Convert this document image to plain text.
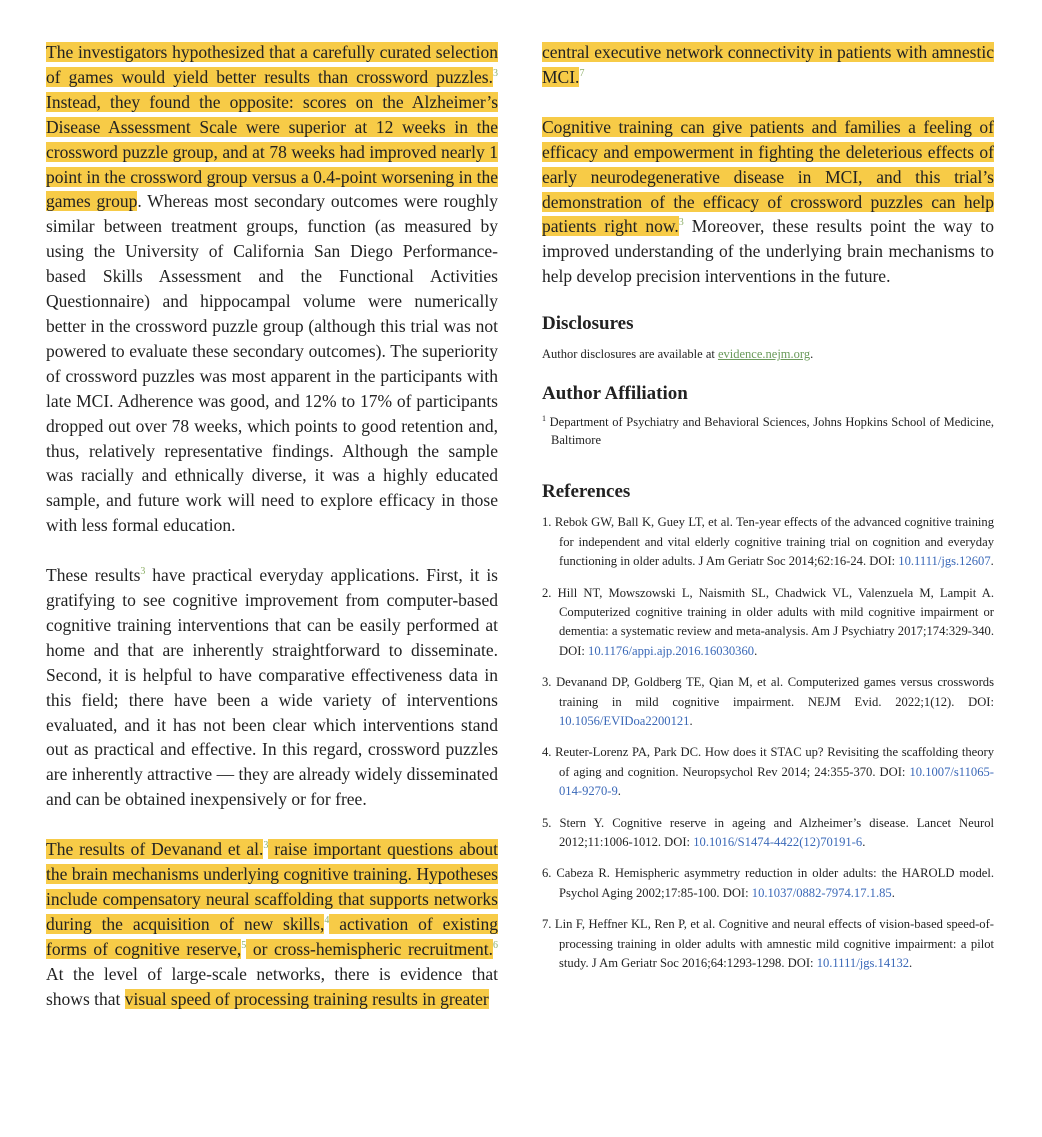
The investigators hypothesized that a carefully curated selection of games would yield better results than crossword puzzles.$^3$ Instead, they found the opposite: scores on the Alzheimer’s Disease Assessment Scale were superior at 12 weeks in the crossword puzzle group, and at 78 weeks had improved nearly 1 point in the crossword group versus a 0.4-point worsening in the games group. Whereas most secondary outcomes were roughly similar between treatment groups, function (as measured by using the University of California San Diego Performance-based Skills Assessment and the Functional Activities Questionnaire) and hippocampal volume were numerically better in the crossword puzzle group (although this trial was not powered to evaluate these secondary outcomes). The superiority of crossword puzzles was most apparent in the participants with late MCI. Adherence was good, and 12% to 17% of participants dropped out over 78 weeks, which points to good retention and, thus, relatively representative findings. Although the sample was racially and ethnically diverse, it was a highly educated sample, and future work will need to explore efficacy in those with less formal education.

These results$^3$ have practical everyday applications. First, it is gratifying to see cognitive improvement from computer-based cognitive training interventions that can be easily performed at home and that are inherently straightforward to disseminate. Second, it is helpful to have comparative effectiveness data in this field; there have been a wide variety of interventions evaluated, and it has not been clear which interventions stand out as practical and effective. In this regard, crossword puzzles are inherently attractive — they are already widely disseminated and can be obtained inexpensively or for free.

The results of Devanand et al.$^3$ raise important questions about the brain mechanisms underlying cognitive training. Hypotheses include compensatory neural scaffolding that supports networks during the acquisition of new skills,$^4$ activation of existing forms of cognitive reserve,$^5$ or cross-hemispheric recruitment.$^6$ At the level of large-scale networks, there is evidence that shows that visual speed of processing training results in greater

central executive network connectivity in patients with amnestic MCI.$^7$

Cognitive training can give patients and families a feeling of efficacy and empowerment in fighting the deleterious effects of early neurodegenerative disease in MCI, and this trial’s demonstration of the efficacy of crossword puzzles can help patients right now.$^3$ Moreover, these results point the way to improved understanding of the underlying brain mechanisms to help develop precision interventions in the future.

Disclosures
Author disclosures are available at evidence.nejm.org.
Author Affiliation
$^1$ Department of Psychiatry and Behavioral Sciences, Johns Hopkins School of Medicine, Baltimore
References
1. Rebok GW, Ball K, Guey LT, et al. Ten-year effects of the advanced cognitive training for independent and vital elderly cognitive training trial on cognition and everyday functioning in older adults. J Am Geriatr Soc 2014;62:16-24. DOI: 10.1111/jgs.12607.
2. Hill NT, Mowszowski L, Naismith SL, Chadwick VL, Valenzuela M, Lampit A. Computerized cognitive training in older adults with mild cognitive impairment or dementia: a systematic review and meta-analysis. Am J Psychiatry 2017;174:329-340. DOI: 10.1176/appi.ajp.2016.16030360.
3. Devanand DP, Goldberg TE, Qian M, et al. Computerized games versus crosswords training in mild cognitive impairment. NEJM Evid. 2022;1(12). DOI: 10.1056/EVIDoa2200121.
4. Reuter-Lorenz PA, Park DC. How does it STAC up? Revisiting the scaffolding theory of aging and cognition. Neuropsychol Rev 2014; 24:355-370. DOI: 10.1007/s11065-014-9270-9.
5. Stern Y. Cognitive reserve in ageing and Alzheimer’s disease. Lancet Neurol 2012;11:1006-1012. DOI: 10.1016/S1474-4422(12)70191-6.
6. Cabeza R. Hemispheric asymmetry reduction in older adults: the HAROLD model. Psychol Aging 2002;17:85-100. DOI: 10.1037/0882-7974.17.1.85.
7. Lin F, Heffner KL, Ren P, et al. Cognitive and neural effects of vision-based speed-of-processing training in older adults with amnestic mild cognitive impairment: a pilot study. J Am Geriatr Soc 2016;64:1293-1298. DOI: 10.1111/jgs.14132.
